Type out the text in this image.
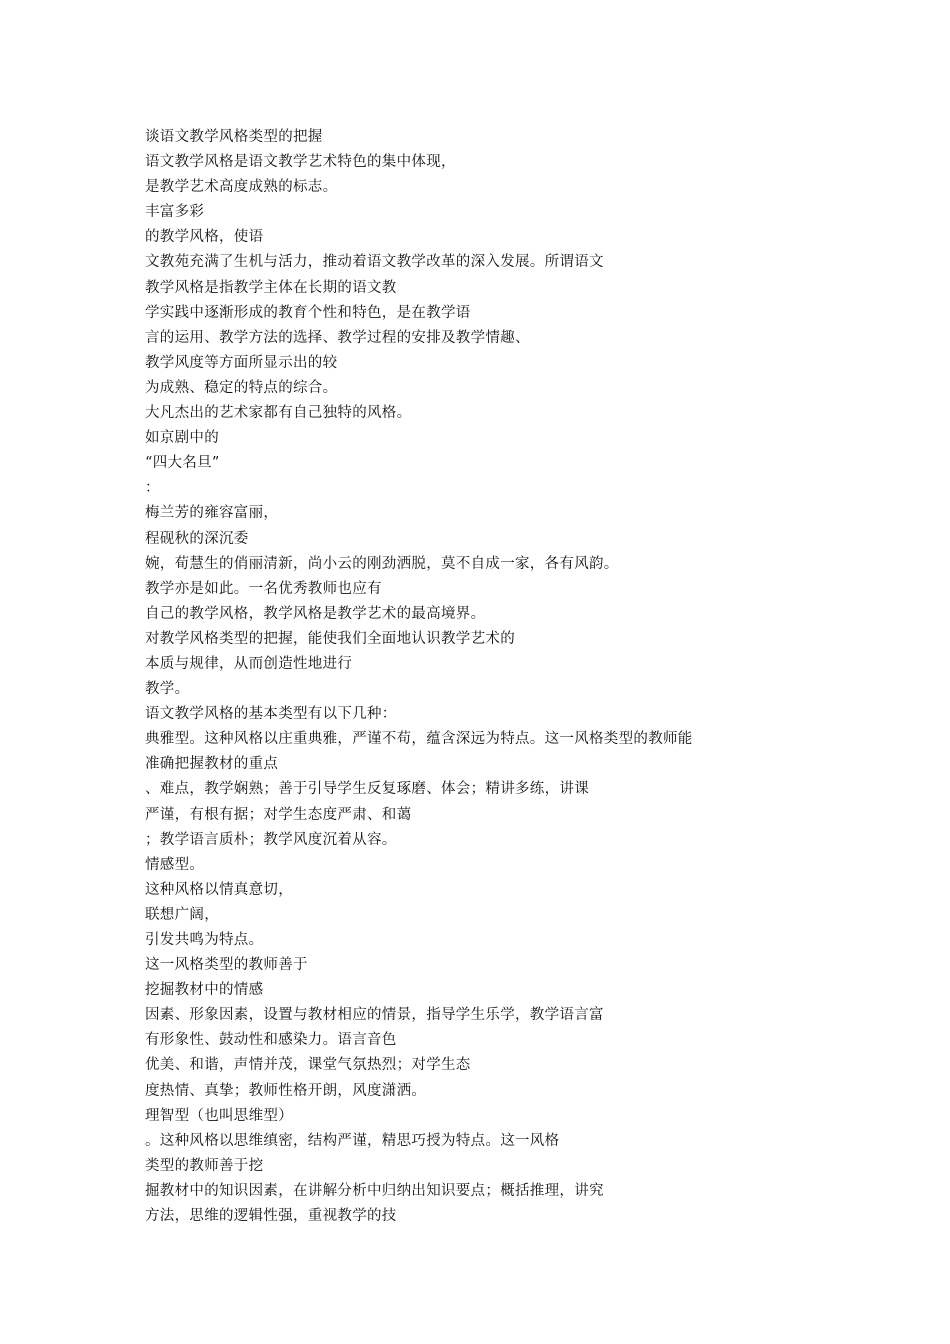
谈语文教学风格类型的把握
语文教学风格是语文教学艺术特色的集中体现，
是教学艺术高度成熟的标志。
丰富多彩
的教学风格，使语
文教苑充满了生机与活力，推动着语文教学改革的深入发展。所谓语文
教学风格是指教学主体在长期的语文教
学实践中逐渐形成的教育个性和特色，是在教学语
言的运用、教学方法的选择、教学过程的安排及教学情趣、
教学风度等方面所显示出的较
为成熟、稳定的特点的综合。
大凡杰出的艺术家都有自己独特的风格。
如京剧中的
“四大名旦”
：
梅兰芳的雍容富丽，
程砚秋的深沉委
婉，荀慧生的俏丽清新，尚小云的刚劲洒脱，莫不自成一家，各有风韵。
教学亦是如此。一名优秀教师也应有
自己的教学风格，教学风格是教学艺术的最高境界。
对教学风格类型的把握，能使我们全面地认识教学艺术的
本质与规律，从而创造性地进行
教学。
语文教学风格的基本类型有以下几种：
典雅型。这种风格以庄重典雅，严谨不苟，蕴含深远为特点。这一风格类型的教师能
准确把握教材的重点
、难点，教学娴熟；善于引导学生反复琢磨、体会；精讲多练，讲课
严谨，有根有据；对学生态度严肃、和蔼
；教学语言质朴；教学风度沉着从容。
情感型。
这种风格以情真意切，
联想广阔，
引发共鸣为特点。
这一风格类型的教师善于
挖掘教材中的情感
因素、形象因素，设置与教材相应的情景，指导学生乐学，教学语言富
有形象性、鼓动性和感染力。语言音色
优美、和谐，声情并茂，课堂气氛热烈；对学生态
度热情、真挚；教师性格开朗，风度潇洒。
理智型（也叫思维型）
。这种风格以思维缜密，结构严谨，精思巧授为特点。这一风格
类型的教师善于挖
掘教材中的知识因素，在讲解分析中归纳出知识要点；概括推理，讲究
方法，思维的逻辑性强，重视教学的技
